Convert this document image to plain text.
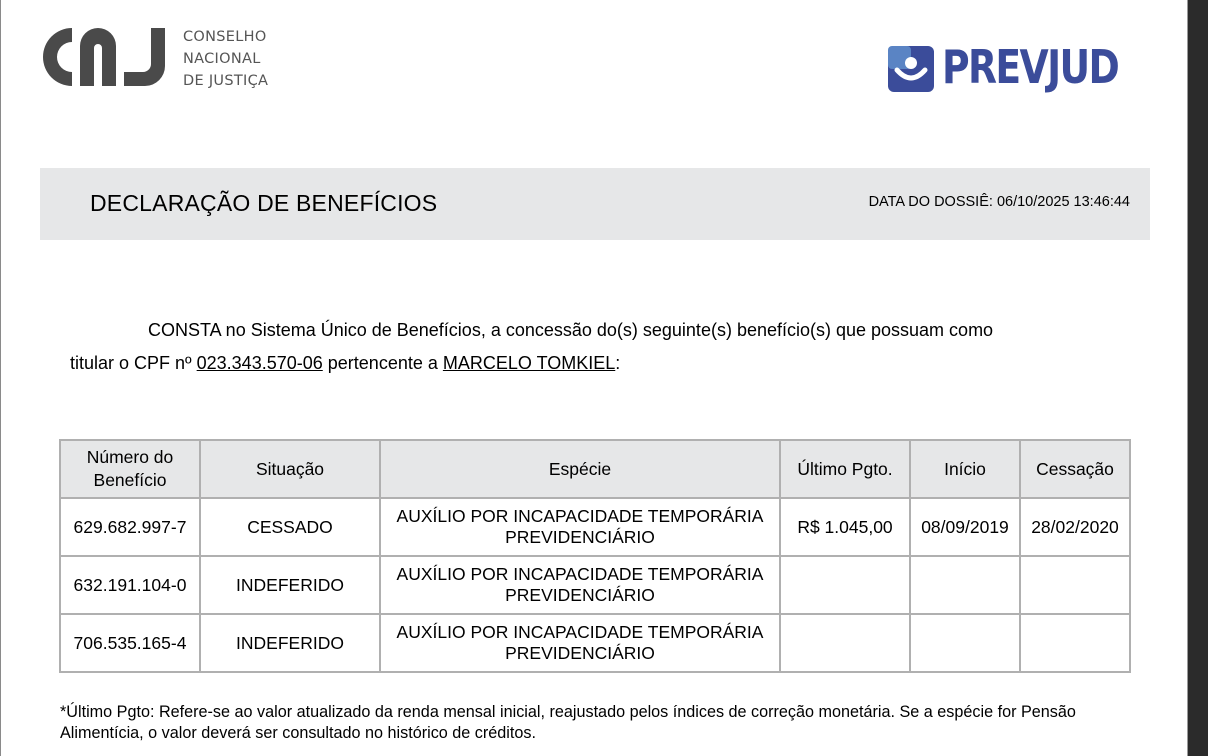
CONSELHO
NACIONAL
DE JUSTIÇA	PREVJUD
DECLARAÇÃO DE BENEFÍCIOS	DATA DO DOSSIÊ: 06/10/2025 13:46:44
CONSTA no Sistema Único de Benefícios, a concessão do(s) seguinte(s) benefício(s) que possuam como
titular o CPF nº 023.343.570-06 pertencente a MARCELO TOMKIEL:
Número do Benefício	Situação	Espécie	Último Pgto.	Início	Cessação
629.682.997-7	CESSADO	AUXÍLIO POR INCAPACIDADE TEMPORÁRIA PREVIDENCIÁRIO	R$ 1.045,00	08/09/2019	28/02/2020
632.191.104-0	INDEFERIDO	AUXÍLIO POR INCAPACIDADE TEMPORÁRIA PREVIDENCIÁRIO			
706.535.165-4	INDEFERIDO	AUXÍLIO POR INCAPACIDADE TEMPORÁRIA PREVIDENCIÁRIO			
*Último Pgto: Refere-se ao valor atualizado da renda mensal inicial, reajustado pelos índices de correção monetária. Se a espécie for Pensão Alimentícia, o valor deverá ser consultado no histórico de créditos.
